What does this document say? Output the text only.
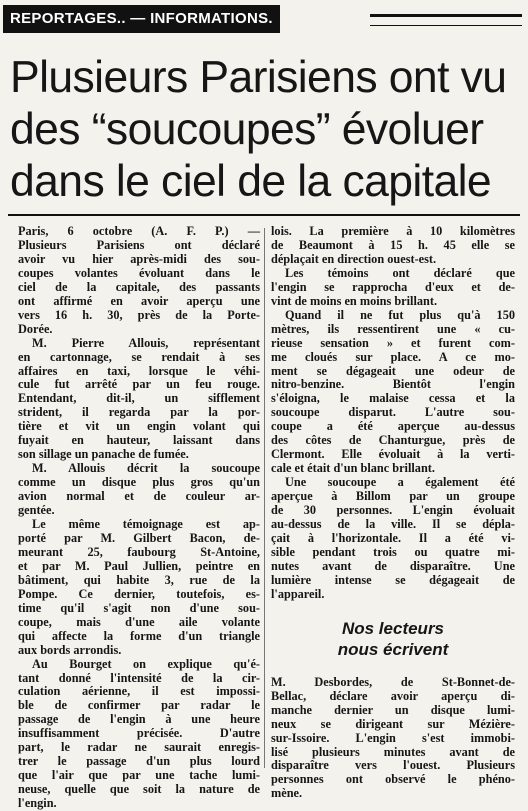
REPORTAGES.. — INFORMATIONS.
Plusieurs Parisiens ont vu
des “soucoupes” évoluer
dans le ciel de la capitale

Paris, 6 octobre (A. F. P.) —
Plusieurs Parisiens ont déclaré
avoir vu hier après-midi des sou-
coupes volantes évoluant dans le
ciel de la capitale, des passants
ont affirmé en avoir aperçu une
vers 16 h. 30, près de la Porte-
Dorée.

M. Pierre Allouis, représentant
en cartonnage, se rendait à ses
affaires en taxi, lorsque le véhi-
cule fut arrêté par un feu rouge.
Entendant, dit-il, un sifflement
strident, il regarda par la por-
tière et vit un engin volant qui
fuyait en hauteur, laissant dans
son sillage un panache de fumée.

M. Allouis décrit la soucoupe
comme un disque plus gros qu'un
avion normal et de couleur ar-
gentée.

Le même témoignage est ap-
porté par M. Gilbert Bacon, de-
meurant 25, faubourg St-Antoine,
et par M. Paul Jullien, peintre en
bâtiment, qui habite 3, rue de la
Pompe. Ce dernier, toutefois, es-
time qu'il s'agit non d'une sou-
coupe, mais d'une aile volante
qui affecte la forme d'un triangle
aux bords arrondis.

Au Bourget on explique qu'é-
tant donné l'intensité de la cir-
culation aérienne, il est impossi-
ble de confirmer par radar le
passage de l'engin à une heure
insuffisamment précisée. D'autre
part, le radar ne saurait enregis-
trer le passage d'un plus lourd
que l'air que par une tache lumi-
neuse, quelle que soit la nature de
l'engin.

lois. La première à 10 kilomètres
de Beaumont à 15 h. 45 elle se
déplaçait en direction ouest-est.

Les témoins ont déclaré que
l'engin se rapprocha d'eux et de-
vint de moins en moins brillant.

Quand il ne fut plus qu'à 150
mètres, ils ressentirent une « cu-
rieuse sensation » et furent com-
me cloués sur place. A ce mo-
ment se dégageait une odeur de
nitro-benzine. Bientôt l'engin
s'éloigna, le malaise cessa et la
soucoupe disparut. L'autre sou-
coupe a été aperçue au-dessus
des côtes de Chanturgue, près de
Clermont. Elle évoluait à la verti-
cale et était d'un blanc brillant.

Une soucoupe a également été
aperçue à Billom par un groupe
de 30 personnes. L'engin évoluait
au-dessus de la ville. Il se dépla-
çait à l'horizontale. Il a été vi-
sible pendant trois ou quatre mi-
nutes avant de disparaître. Une
lumière intense se dégageait de
l'appareil.

Nos lecteurs
nous écrivent

M. Desbordes, de St-Bonnet-de-
Bellac, déclare avoir aperçu di-
manche dernier un disque lumi-
neux se dirigeant sur Mézière-
sur-Issoire. L'engin s'est immobi-
lisé plusieurs minutes avant de
disparaître vers l'ouest. Plusieurs
personnes ont observé le phéno-
mène.
